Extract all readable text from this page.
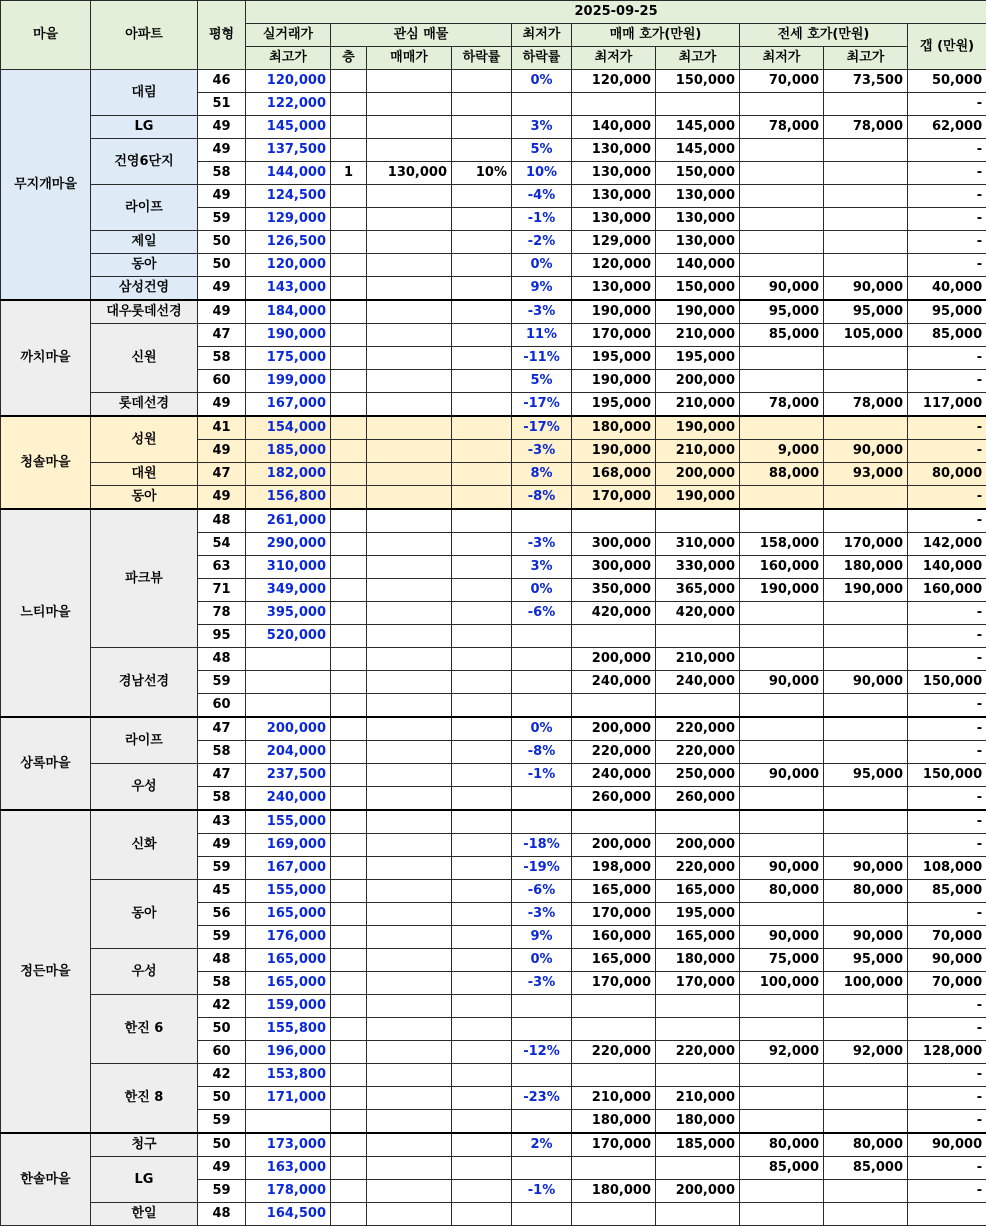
마을	아파트	평형	2025-09-25									
			실거래가	관심 매물			최저가	매매 호가(만원)		전세 호가(만원)		갭 (만원)
			최고가	층	매매가	하락률	하락률	최저가	최고가	최저가	최고가	
무지개마을	대림	46	120,000				0%	120,000	150,000	70,000	73,500	50,000
		51	122,000									-
	LG	49	145,000				3%	140,000	145,000	78,000	78,000	62,000
	건영6단지	49	137,500				5%	130,000	145,000			-
		58	144,000	1	130,000	10%	10%	130,000	150,000			-
	라이프	49	124,500				-4%	130,000	130,000			-
		59	129,000				-1%	130,000	130,000			-
	제일	50	126,500				-2%	129,000	130,000			-
	동아	50	120,000				0%	120,000	140,000			-
	삼성건영	49	143,000				9%	130,000	150,000	90,000	90,000	40,000
까치마을	대우롯데선경	49	184,000				-3%	190,000	190,000	95,000	95,000	95,000
	신원	47	190,000				11%	170,000	210,000	85,000	105,000	85,000
		58	175,000				-11%	195,000	195,000			-
		60	199,000				5%	190,000	200,000			-
	롯데선경	49	167,000				-17%	195,000	210,000	78,000	78,000	117,000
청솔마을	성원	41	154,000				-17%	180,000	190,000			-
		49	185,000				-3%	190,000	210,000	9,000	90,000	-
	대원	47	182,000				8%	168,000	200,000	88,000	93,000	80,000
	동아	49	156,800				-8%	170,000	190,000			-
느티마을	파크뷰	48	261,000									-
		54	290,000				-3%	300,000	310,000	158,000	170,000	142,000
		63	310,000				3%	300,000	330,000	160,000	180,000	140,000
		71	349,000				0%	350,000	365,000	190,000	190,000	160,000
		78	395,000				-6%	420,000	420,000			-
		95	520,000									-
	경남선경	48						200,000	210,000			-
		59						240,000	240,000	90,000	90,000	150,000
		60										-
상록마을	라이프	47	200,000				0%	200,000	220,000			-
		58	204,000				-8%	220,000	220,000			-
	우성	47	237,500				-1%	240,000	250,000	90,000	95,000	150,000
		58	240,000					260,000	260,000			-
정든마을	신화	43	155,000									-
		49	169,000				-18%	200,000	200,000			-
		59	167,000				-19%	198,000	220,000	90,000	90,000	108,000
	동아	45	155,000				-6%	165,000	165,000	80,000	80,000	85,000
		56	165,000				-3%	170,000	195,000			-
		59	176,000				9%	160,000	165,000	90,000	90,000	70,000
	우성	48	165,000				0%	165,000	180,000	75,000	95,000	90,000
		58	165,000				-3%	170,000	170,000	100,000	100,000	70,000
	한진 6	42	159,000									-
		50	155,800									-
		60	196,000				-12%	220,000	220,000	92,000	92,000	128,000
	한진 8	42	153,800									-
		50	171,000				-23%	210,000	210,000			-
		59						180,000	180,000			-
한솔마을	청구	50	173,000				2%	170,000	185,000	80,000	80,000	90,000
	LG	49	163,000							85,000	85,000	-
		59	178,000				-1%	180,000	200,000			-
	한일	48	164,500									
